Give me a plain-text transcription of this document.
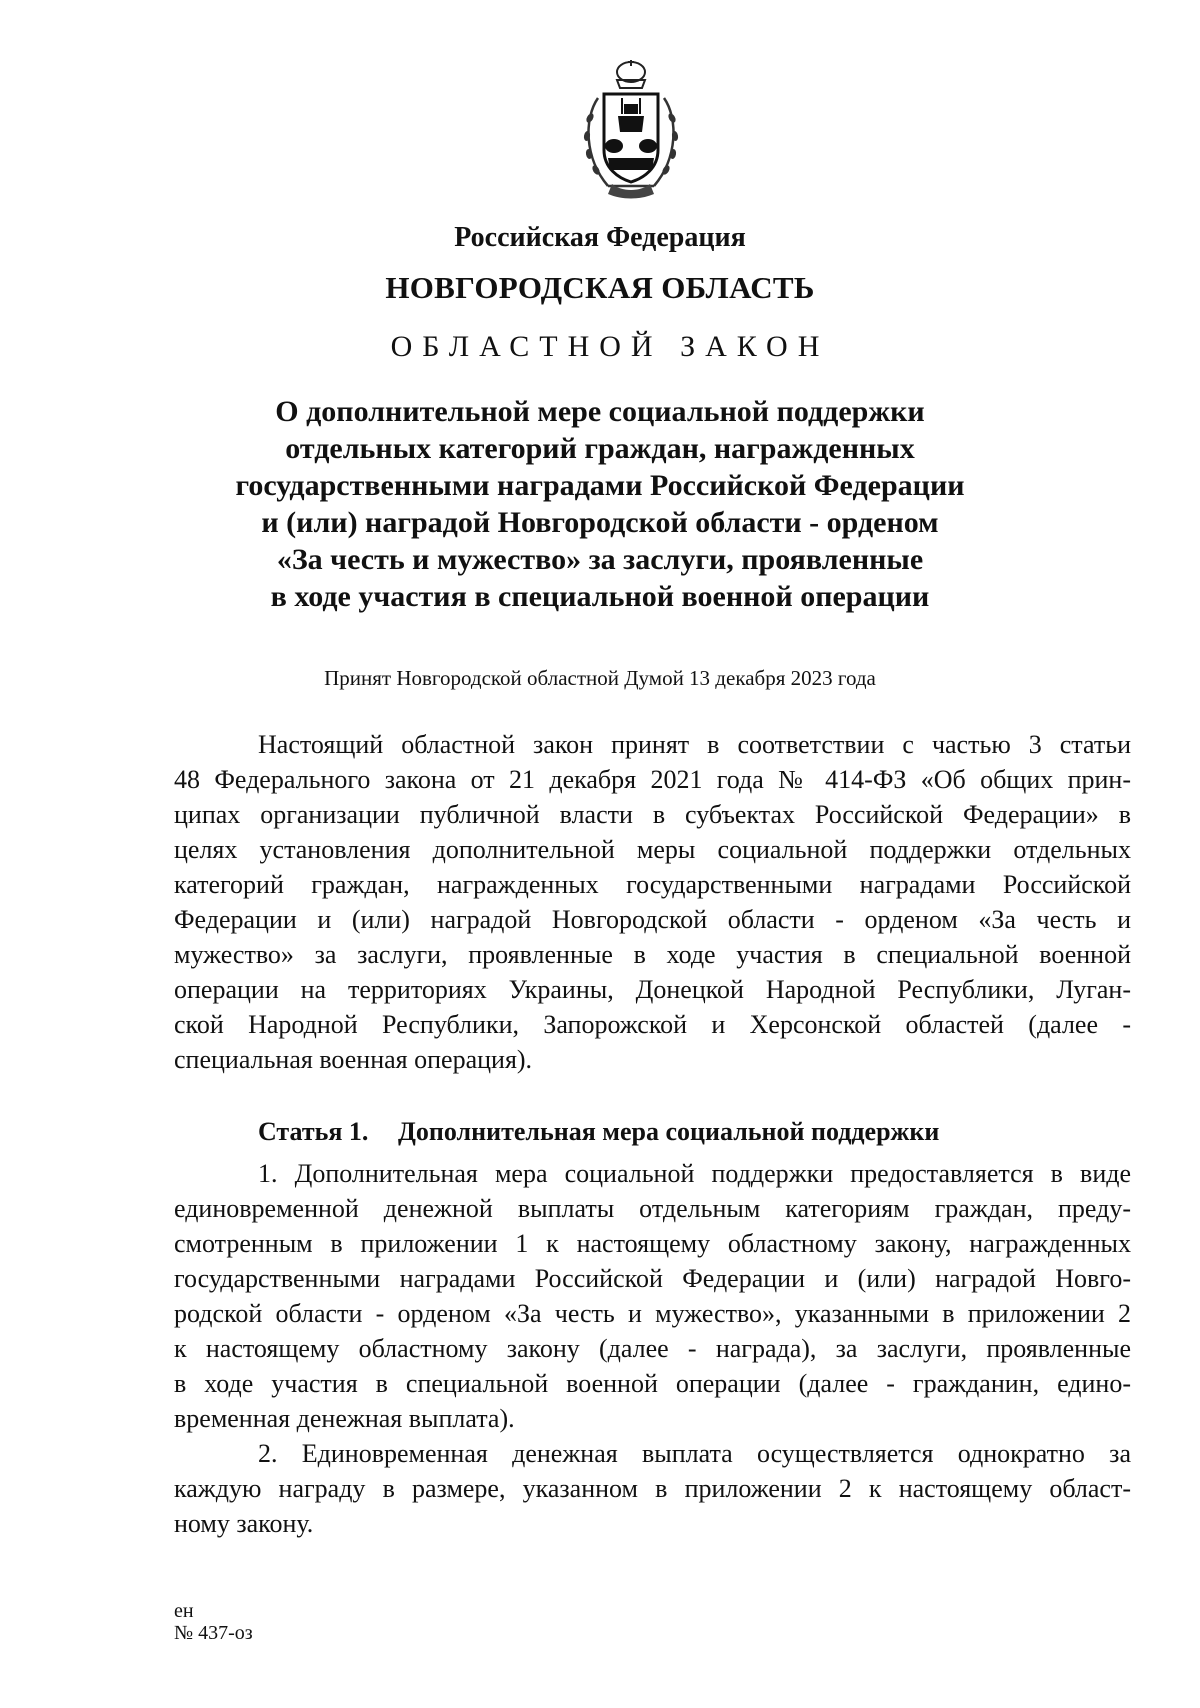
Российская Федерация
НОВГОРОДСКАЯ ОБЛАСТЬ
ОБЛАСТНОЙ ЗАКОН
О дополнительной мере социальной поддержки
отдельных категорий граждан, награжденных
государственными наградами Российской Федерации
и (или) наградой Новгородской области - орденом
«За честь и мужество» за заслуги, проявленные
в ходе участия в специальной военной операции
Принят Новгородской областной Думой 13 декабря 2023 года
Настоящий областной закон принят в соответствии с частью 3 статьи
48 Федерального закона от 21 декабря 2021 года № 414-ФЗ «Об общих прин-
ципах организации публичной власти в субъектах Российской Федерации» в
целях установления дополнительной меры социальной поддержки отдельных
категорий граждан, награжденных государственными наградами Российской
Федерации и (или) наградой Новгородской области - орденом «За честь и
мужество» за заслуги, проявленные в ходе участия в специальной военной
операции на территориях Украины, Донецкой Народной Республики, Луган-
ской Народной Республики, Запорожской и Херсонской областей (далее -
специальная военная операция).
Статья 1. Дополнительная мера социальной поддержки
1. Дополнительная мера социальной поддержки предоставляется в виде
единовременной денежной выплаты отдельным категориям граждан, преду-
смотренным в приложении 1 к настоящему областному закону, награжденных
государственными наградами Российской Федерации и (или) наградой Новго-
родской области - орденом «За честь и мужество», указанными в приложении 2
к настоящему областному закону (далее - награда), за заслуги, проявленные
в ходе участия в специальной военной операции (далее - гражданин, едино-
временная денежная выплата).
2. Единовременная денежная выплата осуществляется однократно за
каждую награду в размере, указанном в приложении 2 к настоящему област-
ному закону.
ен
№ 437-оз
